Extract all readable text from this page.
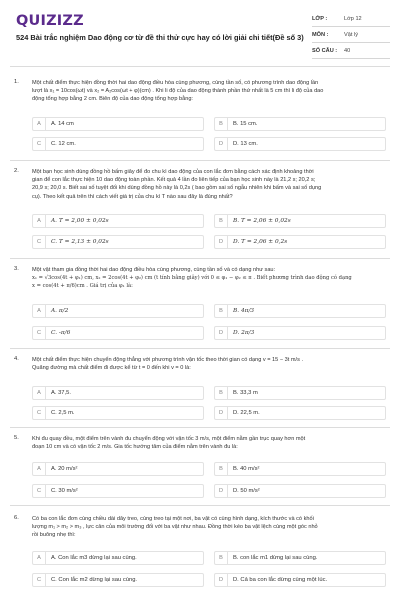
QUIZIZZ
524 Bài trắc nghiệm Dao động cơ từ đề thi thử cực hay có lời giải chi tiết(Đề số 3)
LỚP :	Lớp 12
MÔN :	Vật lý
SỐ CÂU :	40
1. Một chất điểm thực hiện đồng thời hai dao động điều hòa cùng phương, cùng tần số, có phương trình dao động lần
lượt là x₁ = 10cos(ωt) và x₂ = A₂cos(ωt + φ)(cm) . Khi li độ của dao động thành phần thứ nhất là 5 cm thì li độ của dao
động tổng hợp bằng 2 cm. Biên độ của dao động tổng hợp bằng:
A	A. 14 cm	B	B. 15 cm.
C	C. 12 cm.	D	D. 13 cm.
2. Một bạn học sinh dùng đồng hồ bấm giây để đo chu kì dao động của con lắc đơn bằng cách xác định khoảng thời
gian để con lắc thực hiện 10 dao động toàn phần. Kết quả 4 lần đo liên tiếp của bạn học sinh này là 21,2 s; 20,2 s;
20,9 s; 20,0 s. Biết sai số tuyệt đối khi dùng đồng hồ này là 0,2s ( bao gồm sai số ngẫu nhiên khi bấm và sai số dụng
cụ). Theo kết quả trên thì cách viết giá trị của chu kì T nào sau đây là đúng nhất?
A	A. T = 2,00 ± 0,02s	B	B. T = 2,06 ± 0,02s
C	C. T = 2,13 ± 0,02s	D	D. T = 2,06 ± 0,2s
3. Một vật tham gia đồng thời hai dao động điều hòa cùng phương, cùng tần số và có dạng như sau:
x₁ = √3cos(4t + φ₁) cm, x₂ = 2cos(4t + φ₂) cm (t tính bằng giây) với 0 ≤ φ₁ − φ₂ ≤ π . Biết phương trình dao động có dạng
x = cos(4t + π/6)cm . Giá trị của φ₁ là:
A	A. π/2	B	B. 4π/3
C	C. -π/6	D	D. 2π/3
4. Một chất điểm thực hiện chuyển động thẳng với phương trình vận tốc theo thời gian có dạng v = 15 − 3t m/s .
Quãng đường mà chất điểm đi được kể từ t = 0 đến khi v = 0 là:
A	A. 37,5.	B	B. 33,3 m
C	C. 2,5 m.	D	D. 22,5 m.
5. Khi đu quay đều, một điểm trên vành đu chuyển động với vận tốc 3 m/s, một điểm nằm gần trục quay hơn một
đoạn 10 cm và có vận tốc 2 m/s. Gia tốc hướng tâm của điểm nằm trên vành đu là:
A	A. 20 m/s²	B	B. 40 m/s²
C	C. 30 m/s²	D	D. 50 m/s²
6. Có ba con lắc đơn cùng chiều dài dây treo, cùng treo tại một nơi, ba vật có cùng hình dạng, kích thước và có khối
lượng m₁ > m₂ > m₃ , lực cản của môi trường đối với ba vật như nhau. Đồng thời kéo ba vật lệch cùng một góc nhỏ
rồi buông nhẹ thì:
A	A. Con lắc m3 dừng lại sau cùng.	B	B. con lắc m1 dừng lại sau cùng.
C	C. Con lắc m2 dừng lại sau cùng.	D	D. Cả ba con lắc dừng cùng một lúc.
